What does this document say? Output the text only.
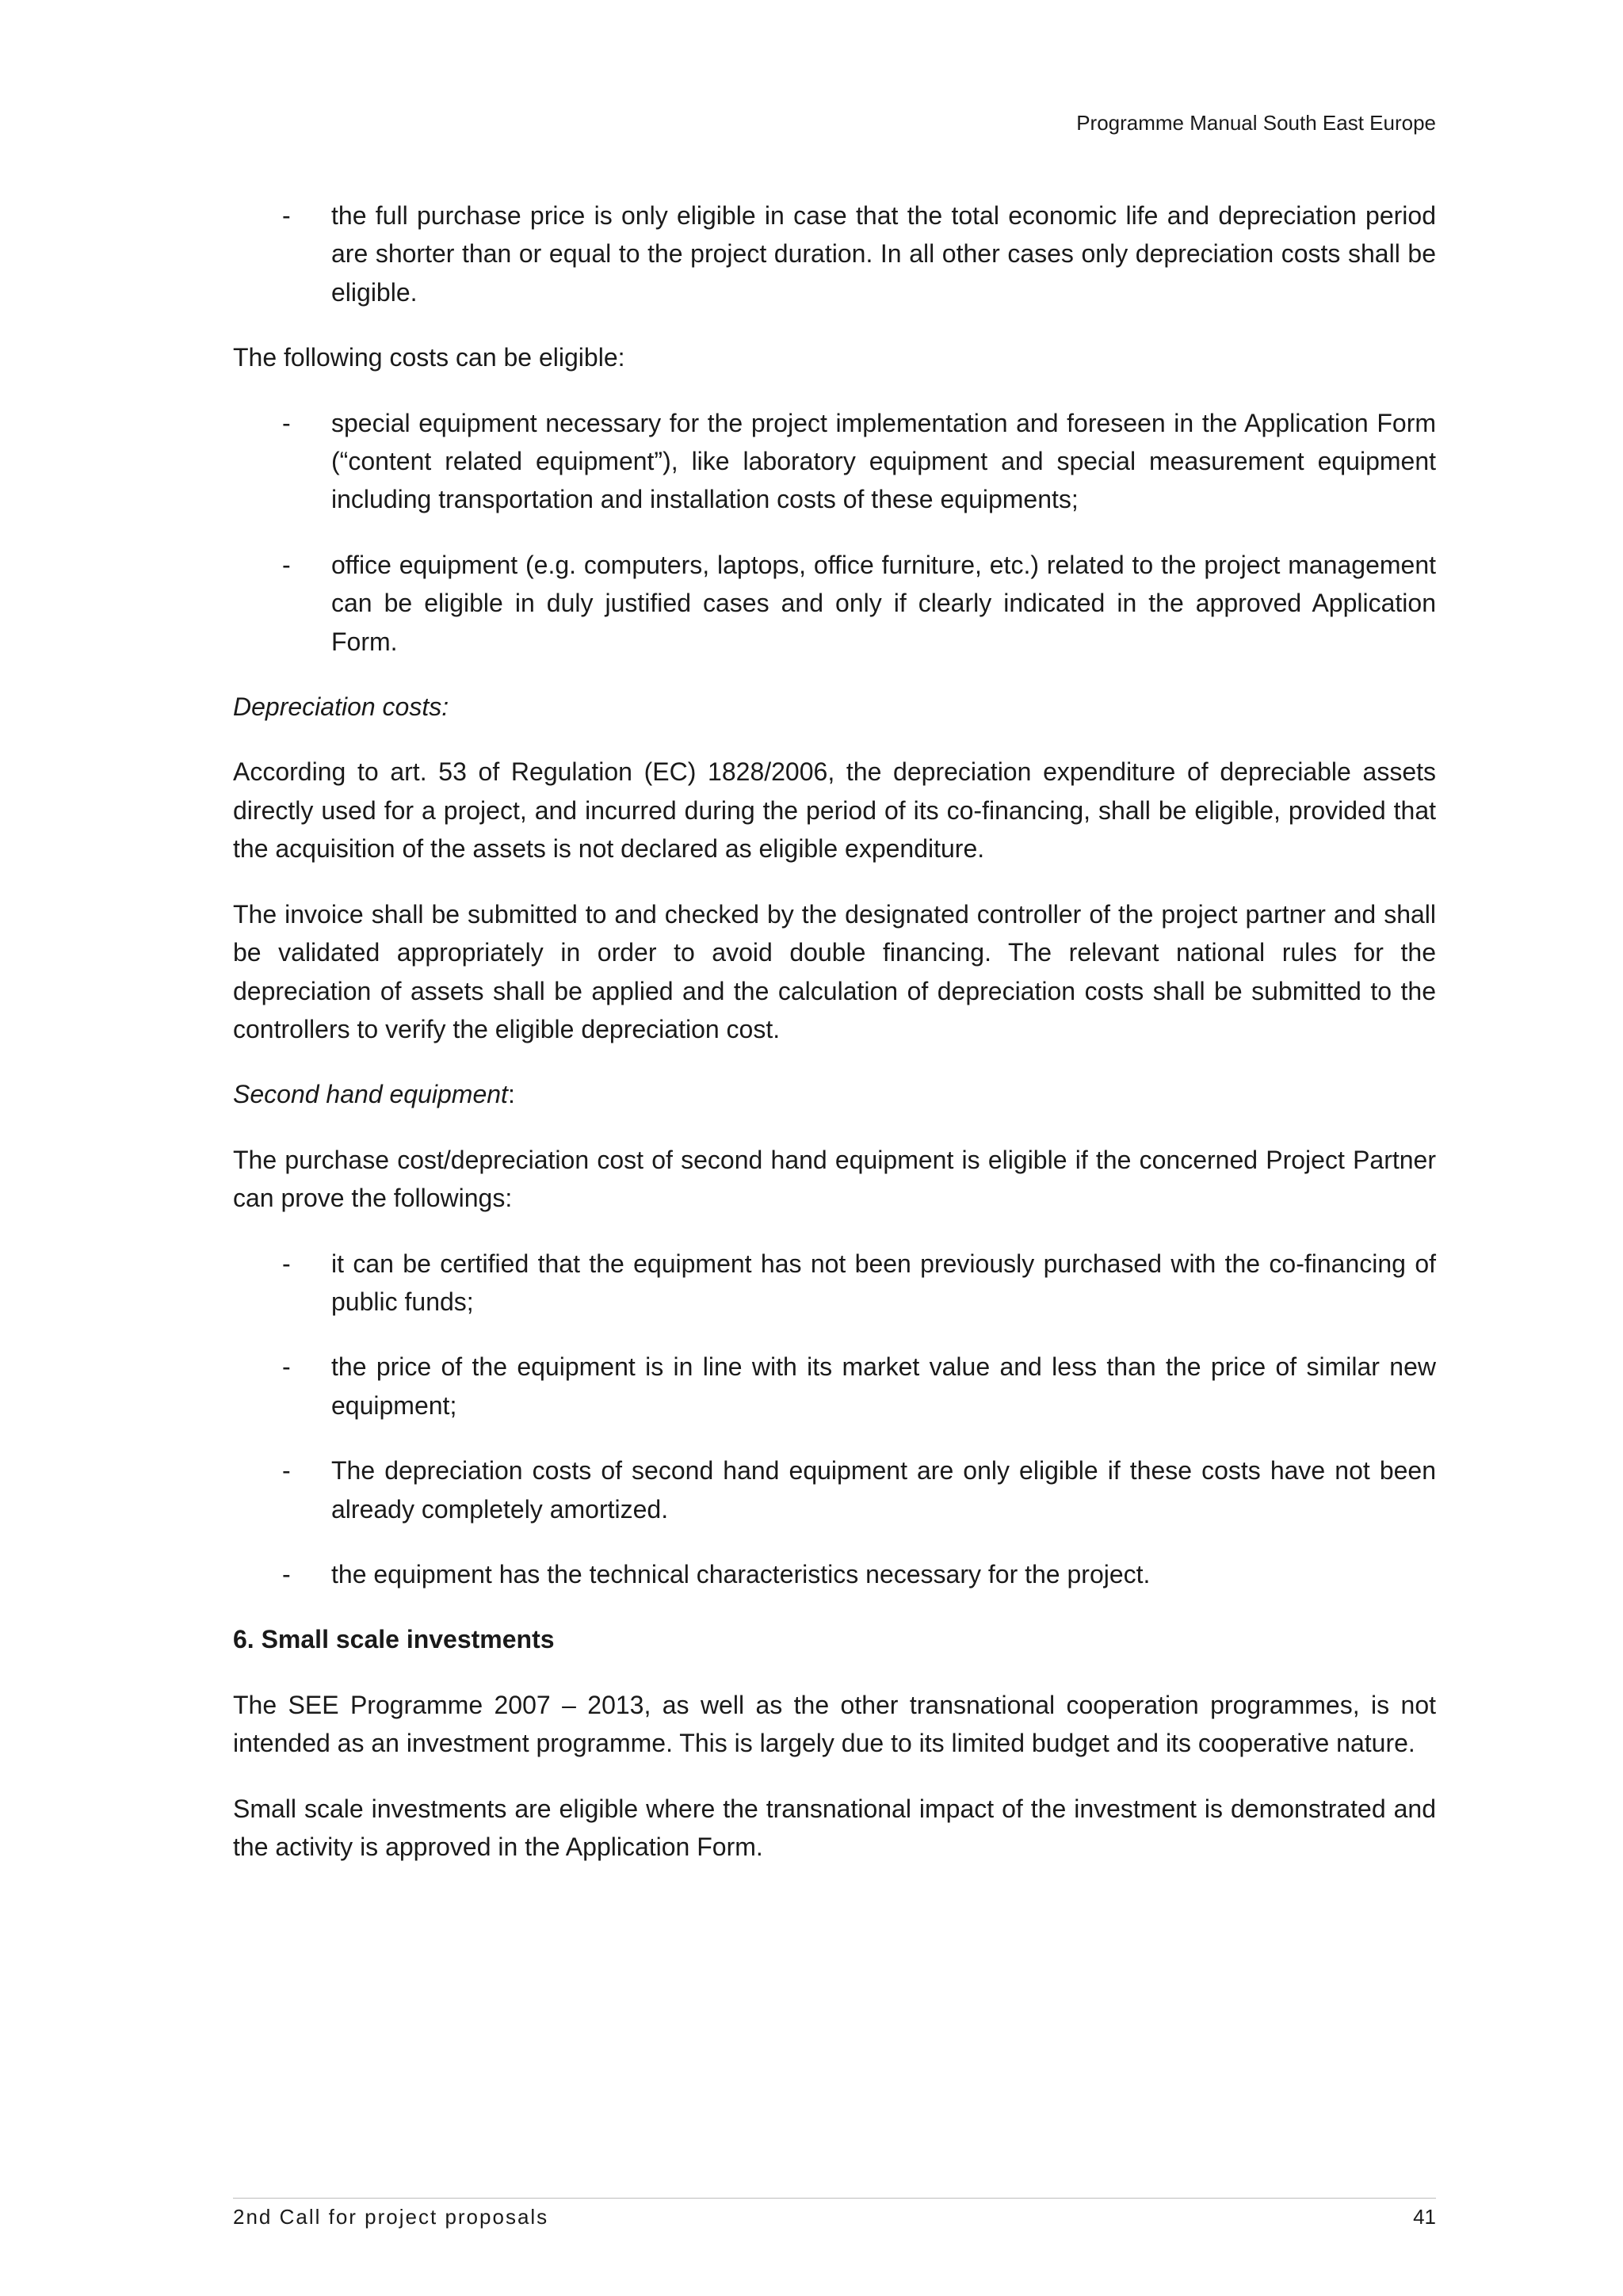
Programme Manual South East Europe
- the full purchase price is only eligible in case that the total economic life and depreciation period are shorter than or equal to the project duration. In all other cases only depreciation costs shall be eligible.

The following costs can be eligible:

- special equipment necessary for the project implementation and foreseen in the Application Form (“content related equipment”), like laboratory equipment and special measurement equipment including transportation and installation costs of these equipments;
- office equipment (e.g. computers, laptops, office furniture, etc.) related to the project management can be eligible in duly justified cases and only if clearly indicated in the approved Application Form.

Depreciation costs:

According to art. 53 of Regulation (EC) 1828/2006, the depreciation expenditure of depreciable assets directly used for a project, and incurred during the period of its co-financing, shall be eligible, provided that the acquisition of the assets is not declared as eligible expenditure.

The invoice shall be submitted to and checked by the designated controller of the project partner and shall be validated appropriately in order to avoid double financing. The relevant national rules for the depreciation of assets shall be applied and the calculation of depreciation costs shall be submitted to the controllers to verify the eligible depreciation cost.

Second hand equipment:

The purchase cost/depreciation cost of second hand equipment is eligible if the concerned Project Partner can prove the followings:

- it can be certified that the equipment has not been previously purchased with the co-financing of public funds;
- the price of the equipment is in line with its market value and less than the price of similar new equipment;
- The depreciation costs of second hand equipment are only eligible if these costs have not been already completely amortized.
- the equipment has the technical characteristics necessary for the project.

6. Small scale investments

The SEE Programme 2007 – 2013, as well as the other transnational cooperation programmes, is not intended as an investment programme. This is largely due to its limited budget and its cooperative nature.

Small scale investments are eligible where the transnational impact of the investment is demonstrated and the activity is approved in the Application Form.

2nd Call for project proposals	41
